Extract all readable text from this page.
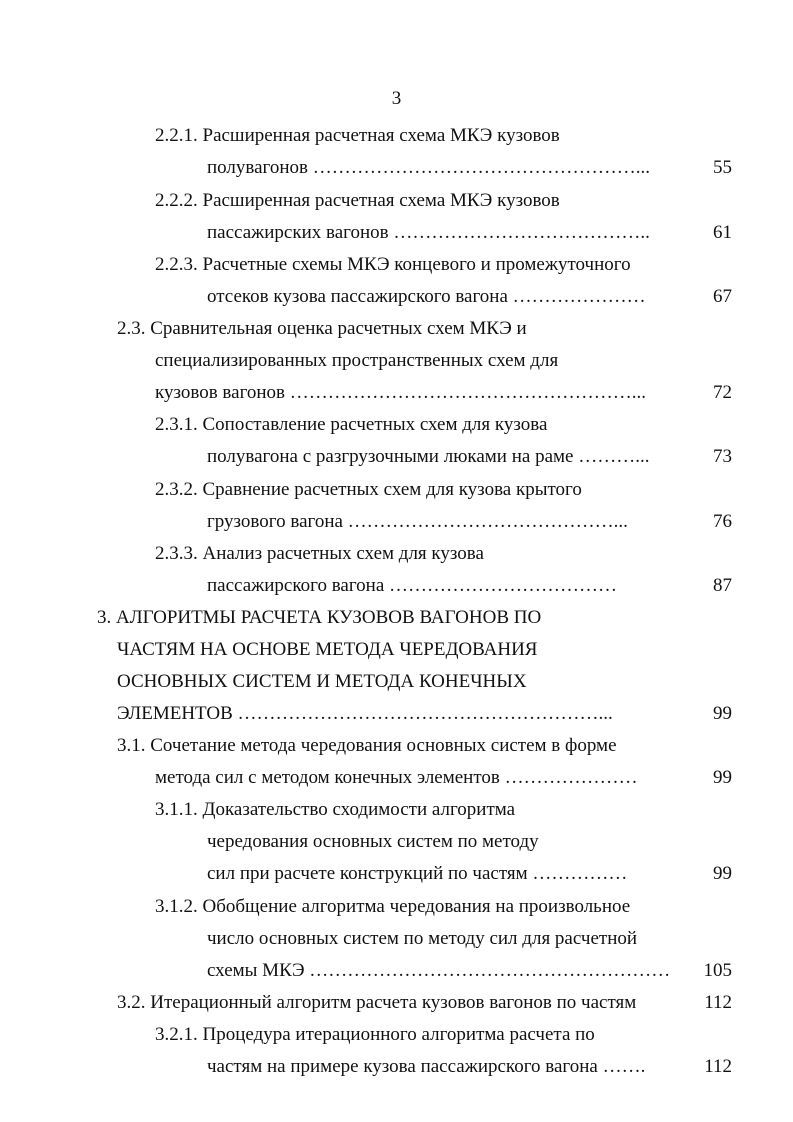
3
2.2.1. Расширенная расчетная схема МКЭ кузовов
полувагонов ……………………………………………...	55
2.2.2. Расширенная расчетная схема МКЭ кузовов
пассажирских вагонов …………………………………..	61
2.2.3. Расчетные схемы МКЭ концевого и промежуточного
отсеков кузова пассажирского вагона …………………	67
2.3. Сравнительная оценка расчетных схем МКЭ и
специализированных пространственных схем для
кузовов вагонов ………………………………………………...	72
2.3.1. Сопоставление расчетных схем для кузова
полувагона с разгрузочными люками на раме ………...	73
2.3.2. Сравнение расчетных схем для кузова крытого
грузового вагона ……………………………………...	76
2.3.3. Анализ расчетных схем для кузова
пассажирского вагона ………………………………	87
3. АЛГОРИТМЫ РАСЧЕТА КУЗОВОВ ВАГОНОВ ПО
ЧАСТЯМ НА ОСНОВЕ МЕТОДА ЧЕРЕДОВАНИЯ
ОСНОВНЫХ СИСТЕМ И МЕТОДА КОНЕЧНЫХ
ЭЛЕМЕНТОВ …………………………………………………...	99
3.1. Сочетание метода чередования основных систем в форме
метода сил с методом конечных элементов …………………	99
3.1.1. Доказательство сходимости алгоритма
чередования основных систем по методу
сил при расчете конструкций по частям ……………	99
3.1.2. Обобщение алгоритма чередования на произвольное
число основных систем по методу сил для расчетной
схемы МКЭ …………………………………………………	105
3.2. Итерационный алгоритм расчета кузовов вагонов по частям	112
3.2.1. Процедура итерационного алгоритма расчета по
частям на примере кузова пассажирского вагона …….	112
